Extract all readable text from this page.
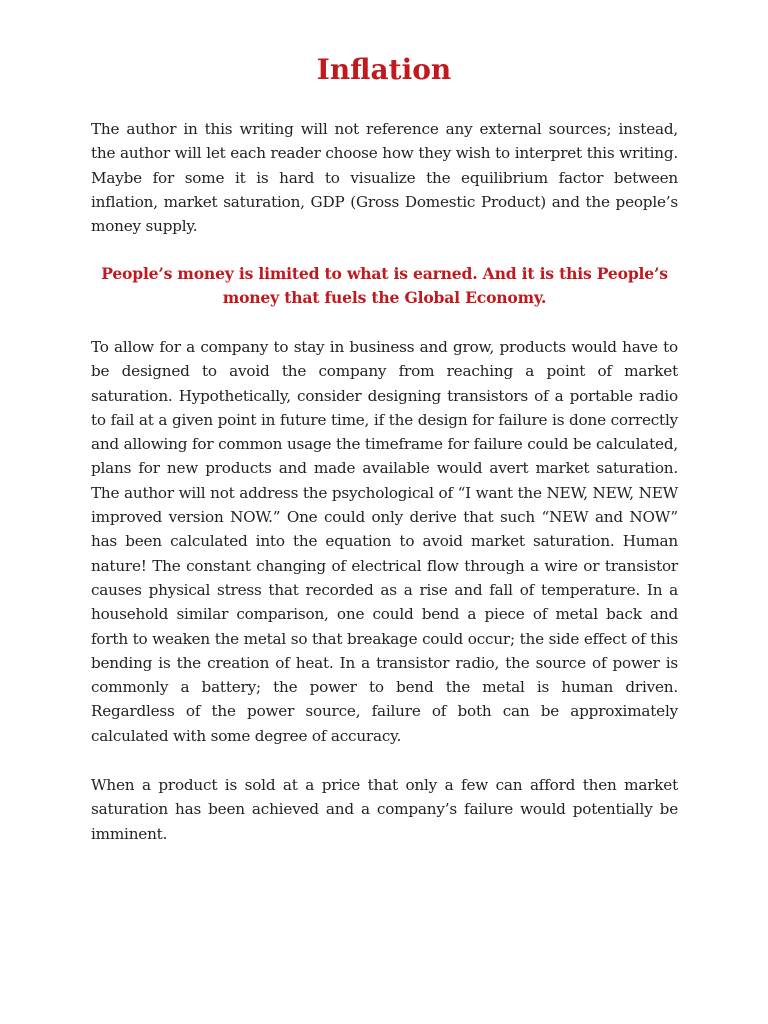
Inflation

The author in this writing will not reference any external sources; instead, the author will let each reader choose how they wish to interpret this writing. Maybe for some it is hard to visualize the equilibrium factor between inflation, market saturation, GDP (Gross Domestic Product) and the people’s money supply.

People’s money is limited to what is earned. And it is this People’s money that fuels the Global Economy.

To allow for a company to stay in business and grow, products would have to be designed to avoid the company from reaching a point of market saturation. Hypothetically, consider designing transistors of a portable radio to fail at a given point in future time, if the design for failure is done correctly and allowing for common usage the timeframe for failure could be calculated, plans for new products and made available would avert market saturation. The author will not address the psychological of “I want the NEW, NEW, NEW improved version NOW.” One could only derive that such “NEW and NOW” has been calculated into the equation to avoid market saturation. Human nature! The constant changing of electrical flow through a wire or transistor causes physical stress that recorded as a rise and fall of temperature. In a household similar comparison, one could bend a piece of metal back and forth to weaken the metal so that breakage could occur; the side effect of this bending is the creation of heat. In a transistor radio, the source of power is commonly a battery; the power to bend the metal is human driven. Regardless of the power source, failure of both can be approximately calculated with some degree of accuracy.

When a product is sold at a price that only a few can afford then market saturation has been achieved and a company’s failure would potentially be imminent.
